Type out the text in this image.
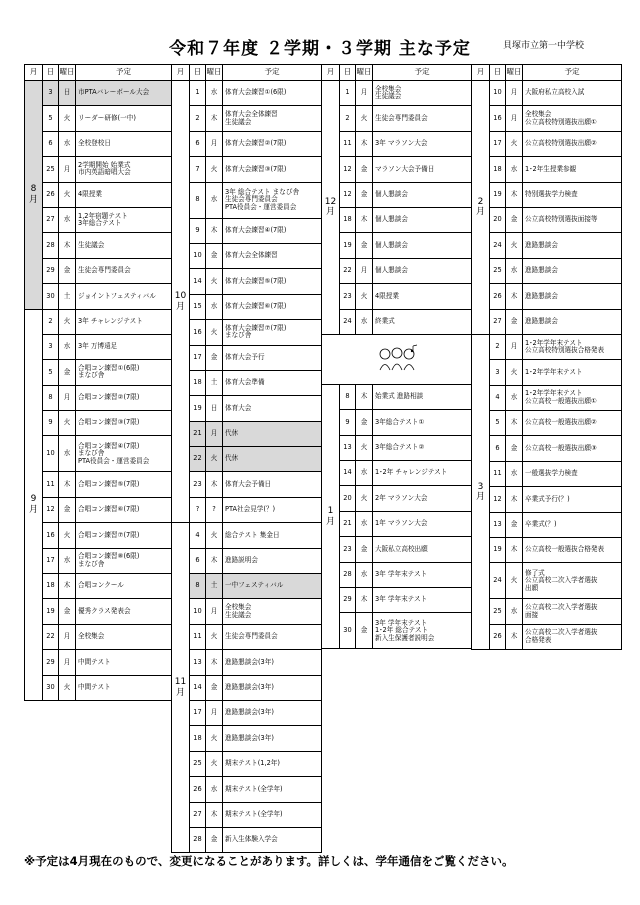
令和７年度 ２学期・３学期 主な予定	貝塚市立第一中学校
月	日	曜日	予定
8月	3	日	市PTAバレーボール大会

	5	火	リーダー研修(一中)

	6	水	全校登校日

	25	月	2学期開始 始業式
市内英語暗唱大会

	26	火	4限授業

	27	水	1,2年宿題テスト
3年総合テスト

	28	木	生徒議会

	29	金	生徒会専門委員会

	30	土	ジョイントフェスティバル

9月	2	火	3年 チャレンジテスト

	3	水	3年 万博遠足

	5	金	合唱コン練習①(6限)
まなび舎

	8	月	合唱コン練習②(7限)

	9	火	合唱コン練習③(7限)

	10	水	合唱コン練習④(7限)
まなび舎
PTA役員会・運営委員会

	11	木	合唱コン練習⑤(7限)

	12	金	合唱コン練習⑥(7限)

	16	火	合唱コン練習⑦(7限)

	17	水	合唱コン練習⑧(6限)
まなび舎

	18	木	合唱コンクール

	19	金	優秀クラス発表会

	22	月	全校集会

	29	月	中間テスト

	30	火	中間テスト
月	日	曜日	予定
10月	1	水	体育大会練習①(6限)

	2	木	体育大会全体練習
生徒議会

	6	月	体育大会練習②(7限)

	7	火	体育大会練習③(7限)

	8	水	3年 総合テスト まなび舎
生徒会専門委員会
PTA役員会・運営委員会

	9	木	体育大会練習④(7限)

	10	金	体育大会全体練習

	14	火	体育大会練習⑤(7限)

	15	水	体育大会練習⑥(7限)

	16	火	体育大会練習⑦(7限)
まなび舎

	17	金	体育大会予行

	18	土	体育大会準備

	19	日	体育大会

	21	月	代休

	22	火	代休

	23	木	体育大会予備日

	?	?	PTA社会見学(？)

11月	4	火	総合テスト 集金日

	6	木	進路説明会

	8	土	一中フェスティバル

	10	月	全校集会
生徒議会

	11	火	生徒会専門委員会

	13	木	進路懇談会(3年)

	14	金	進路懇談会(3年)

	17	月	進路懇談会(3年)

	18	火	進路懇談会(3年)

	25	火	期末テスト(1,2年)

	26	水	期末テスト(全学年)

	27	木	期末テスト(全学年)

	28	金	新入生体験入学会
月	日	曜日	予定
12月	1	月	全校集会
生徒議会

	2	火	生徒会専門委員会

	11	木	3年 マラソン大会

	12	金	マラソン大会予備日

	12	金	個人懇談会

	18	木	個人懇談会

	19	金	個人懇談会

	22	月	個人懇談会

	23	火	4限授業

	24	水	終業式

1月	8	木	始業式 進路相談

	9	金	3年総合テスト①

	13	火	3年総合テスト②

	14	水	1･2年 チャレンジテスト

	20	火	2年 マラソン大会

	21	水	1年 マラソン大会

	23	金	大阪私立高校出願

	28	水	3年 学年末テスト

	29	木	3年 学年末テスト

	30	金	3年 学年末テスト
1･2年 総合テスト
新入生保護者説明会
月	日	曜日	予定
2月	10	月	大阪府私立高校入試

	16	月	全校集会
公立高校特別選抜出願①

	17	火	公立高校特別選抜出願②

	18	水	1･2年生授業参観

	19	木	特別選抜学力検査

	20	金	公立高校特別選抜面接等

	24	火	進路懇談会

	25	水	進路懇談会

	26	木	進路懇談会

	27	金	進路懇談会

3月	2	月	1･2年学年末テスト
公立高校特別選抜合格発表

	3	火	1･2年学年末テスト

	4	水	1･2年学年末テスト
公立高校一般選抜出願①

	5	木	公立高校一般選抜出願②

	6	金	公立高校一般選抜出願③

	11	水	一般選抜学力検査

	12	木	卒業式予行(？)

	13	金	卒業式(？)

	19	木	公立高校一般選抜合格発表

	24	火	修了式
公立高校二次入学者選抜
出願

	25	水	公立高校二次入学者選抜
面接

	26	木	公立高校二次入学者選抜
合格発表
※予定は4月現在のもので、変更になることがあります。詳しくは、学年通信をご覧ください。
